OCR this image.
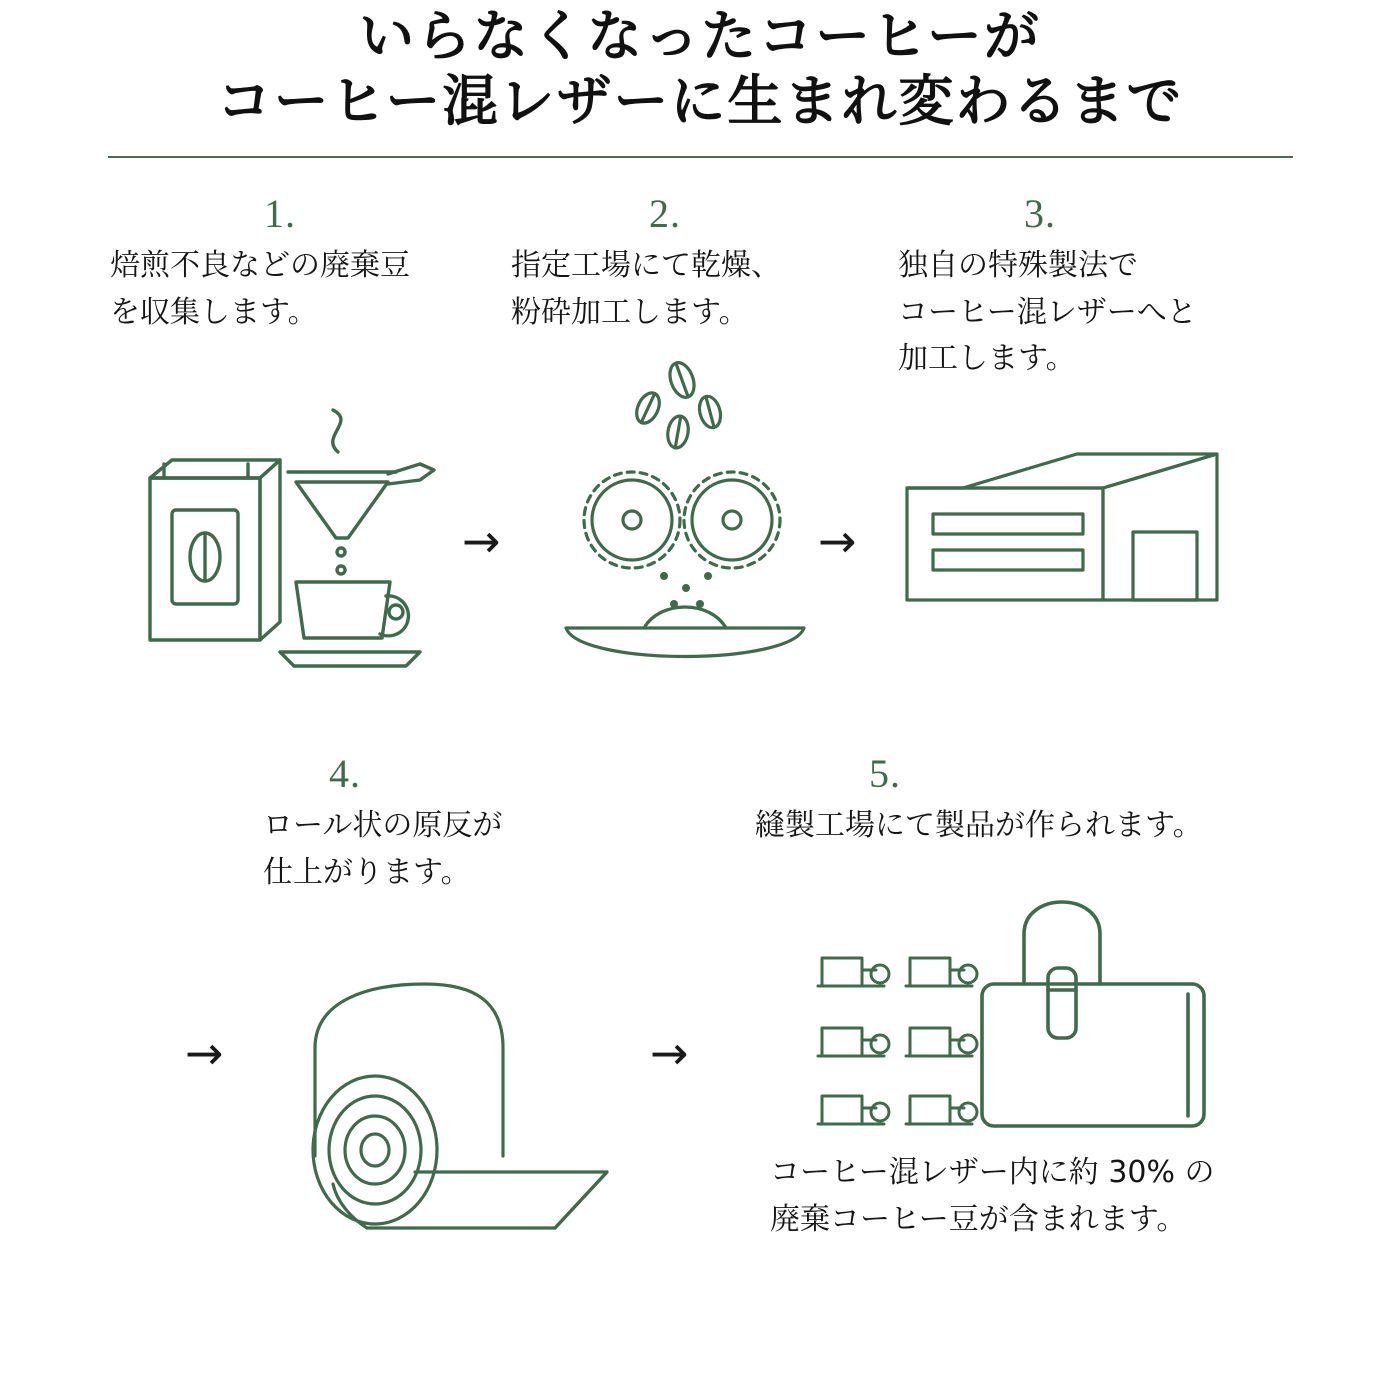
いらなくなったコーヒーが
コーヒー混レザーに生まれ変わるまで
1.
焙煎不良などの廃棄豆
を収集します。
→
2.
指定工場にて乾燥、
粉砕加工します。
→
3.
独自の特殊製法で
コーヒー混レザーへと
加工します。
4.
ロール状の原反が
仕上がります。
→	→
5.
縫製工場にて製品が作られます。
コーヒー混レザー内に約 30% の
廃棄コーヒー豆が含まれます。
